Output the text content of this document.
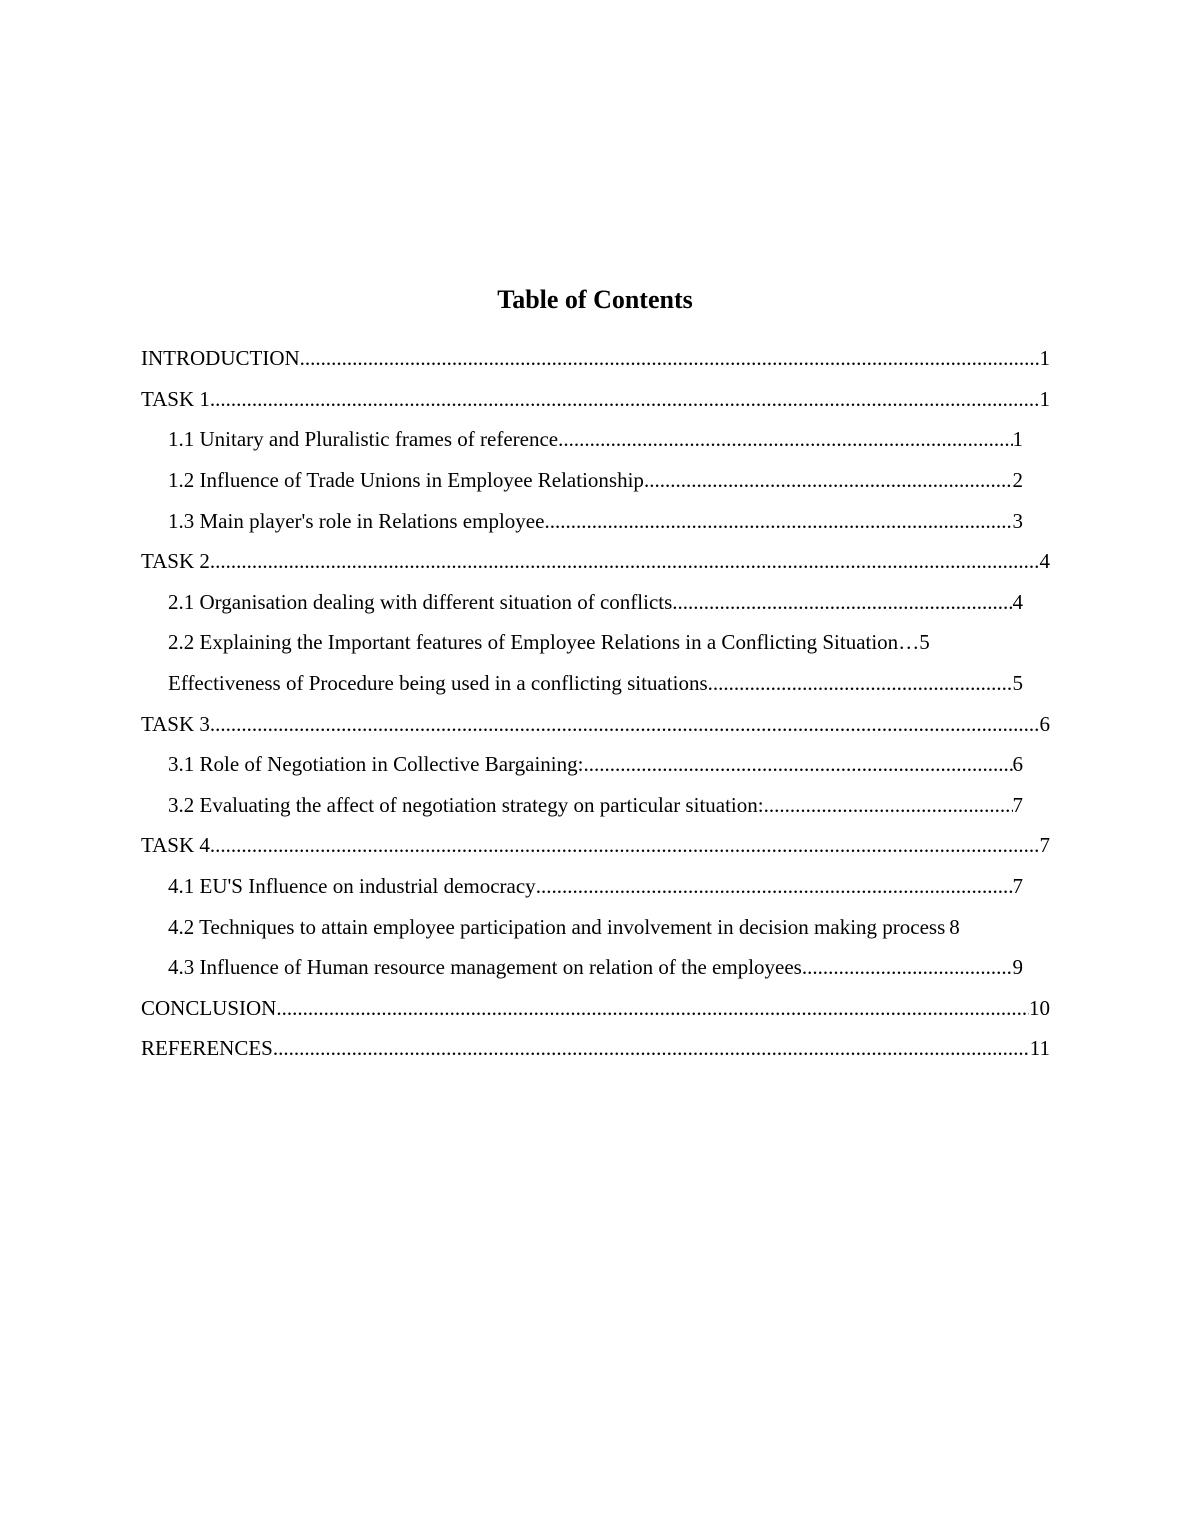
Table of Contents
INTRODUCTION .....	1
TASK 1 .....	1
1.1 Unitary and Pluralistic frames of reference .....	1
1.2 Influence of Trade Unions in Employee Relationship .....	2
1.3 Main player's role in Relations employee .....	3
TASK 2 .....	4
2.1 Organisation dealing with different situation of conflicts .....	4
2.2 Explaining the Important features of Employee Relations in a Conflicting Situation … 5
Effectiveness of Procedure being used in a conflicting situations .....	5
TASK 3 .....	6
3.1 Role of Negotiation in Collective Bargaining: .....	6
3.2 Evaluating the affect of negotiation strategy on particular situation: .....	7
TASK 4 .....	7
4.1 EU'S Influence on industrial democracy .....	7
4.2 Techniques to attain employee participation and involvement in decision making process 8
4.3 Influence of Human resource management on relation of the employees .....	9
CONCLUSION .....	10
REFERENCES .....	11
